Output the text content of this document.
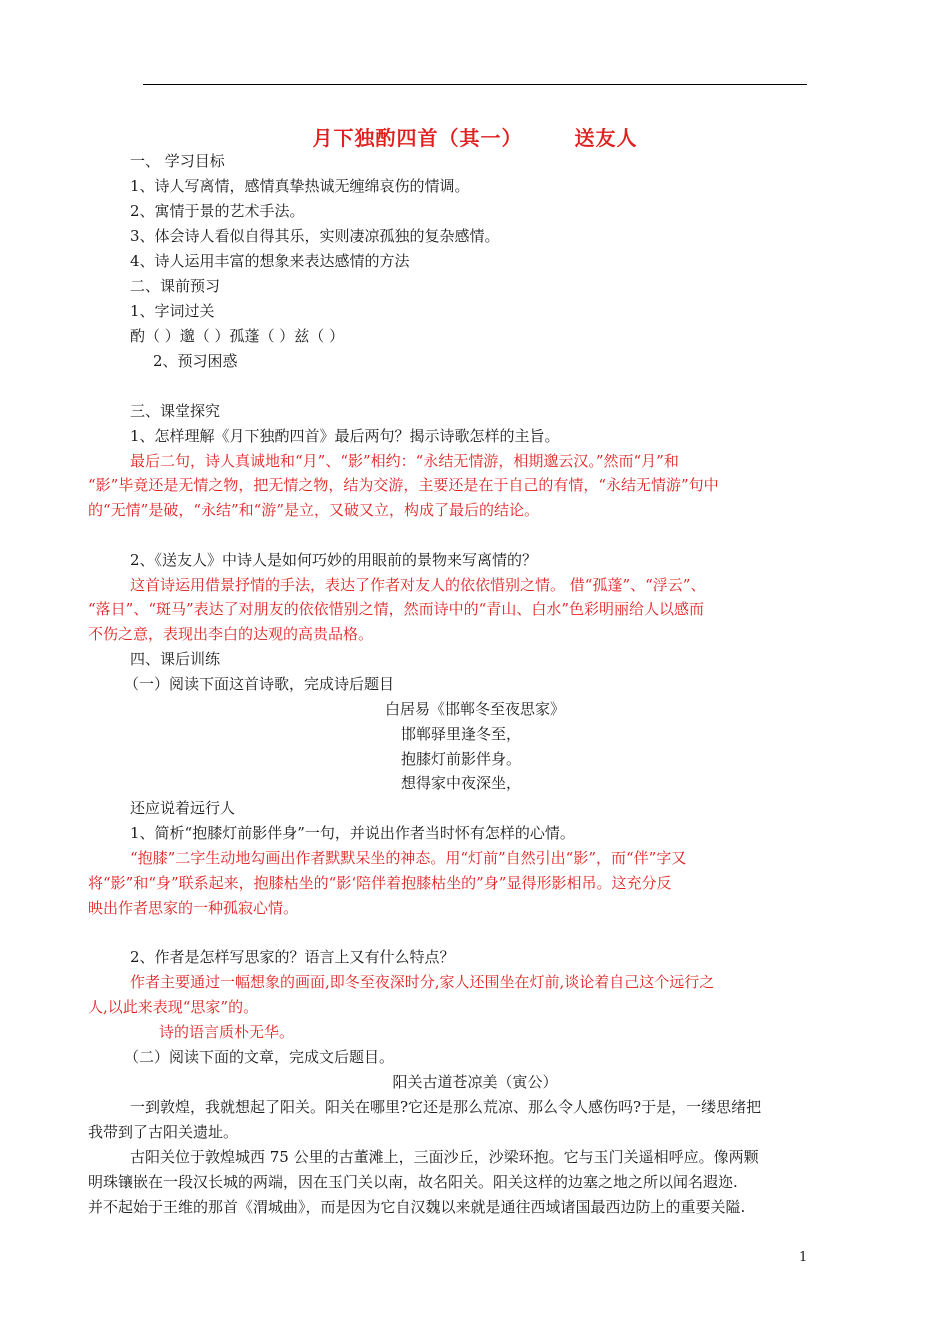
月下独酌四首（其一）	送友人
一、 学习目标
1、诗人写离情，感情真挚热诚无缠绵哀伤的情调。
2、寓情于景的艺术手法。
3、体会诗人看似自得其乐，实则凄凉孤独的复杂感情。
4、诗人运用丰富的想象来表达感情的方法
二、课前预习
1、字词过关
酌（ ）邈（ ）孤蓬（ ）兹（ ）
2、预习困惑
三、课堂探究
1、怎样理解《月下独酌四首》最后两句？揭示诗歌怎样的主旨。
最后二句，诗人真诚地和“月”、“影”相约：“永结无情游，相期邈云汉。”然而“月”和
“影”毕竟还是无情之物，把无情之物，结为交游，主要还是在于自己的有情，“永结无情游”句中
的“无情”是破，“永结”和“游”是立，又破又立，构成了最后的结论。
2、《送友人》中诗人是如何巧妙的用眼前的景物来写离情的？
这首诗运用借景抒情的手法，表达了作者对友人的依依惜别之情。 借“孤蓬”、“浮云”、
“落日”、“斑马”表达了对朋友的依依惜别之情，然而诗中的“青山、白水”色彩明丽给人以感而
不伤之意，表现出李白的达观的高贵品格。
四、课后训练
（一）阅读下面这首诗歌，完成诗后题目
白居易《邯郸冬至夜思家》
邯郸驿里逢冬至，
抱膝灯前影伴身。
想得家中夜深坐，
还应说着远行人
1、简析“抱膝灯前影伴身”一句，并说出作者当时怀有怎样的心情。
“抱膝”二字生动地勾画出作者默默呆坐的神态。用“灯前”自然引出“影”，而“伴”字又
将“影”和“身”联系起来，抱膝枯坐的“影‘陪伴着抱膝枯坐的”身”显得形影相吊。这充分反
映出作者思家的一种孤寂心情。
2、作者是怎样写思家的？语言上又有什么特点？
作者主要通过一幅想象的画面,即冬至夜深时分,家人还围坐在灯前,谈论着自己这个远行之
人,以此来表现“思家”的。
诗的语言质朴无华。
（二）阅读下面的文章，完成文后题目。
阳关古道苍凉美（寅公）
一到敦煌，我就想起了阳关。阳关在哪里?它还是那么荒凉、那么令人感伤吗?于是，一缕思绪把
我带到了古阳关遗址。
古阳关位于敦煌城西 75 公里的古董滩上，三面沙丘，沙梁环抱。它与玉门关遥相呼应。像两颗
明珠镶嵌在一段汉长城的两端，因在玉门关以南，故名阳关。阳关这样的边塞之地之所以闻名遐迩.
并不起始于王维的那首《渭城曲》，而是因为它自汉魏以来就是通往西域诸国最西边防上的重要关隘.
1
